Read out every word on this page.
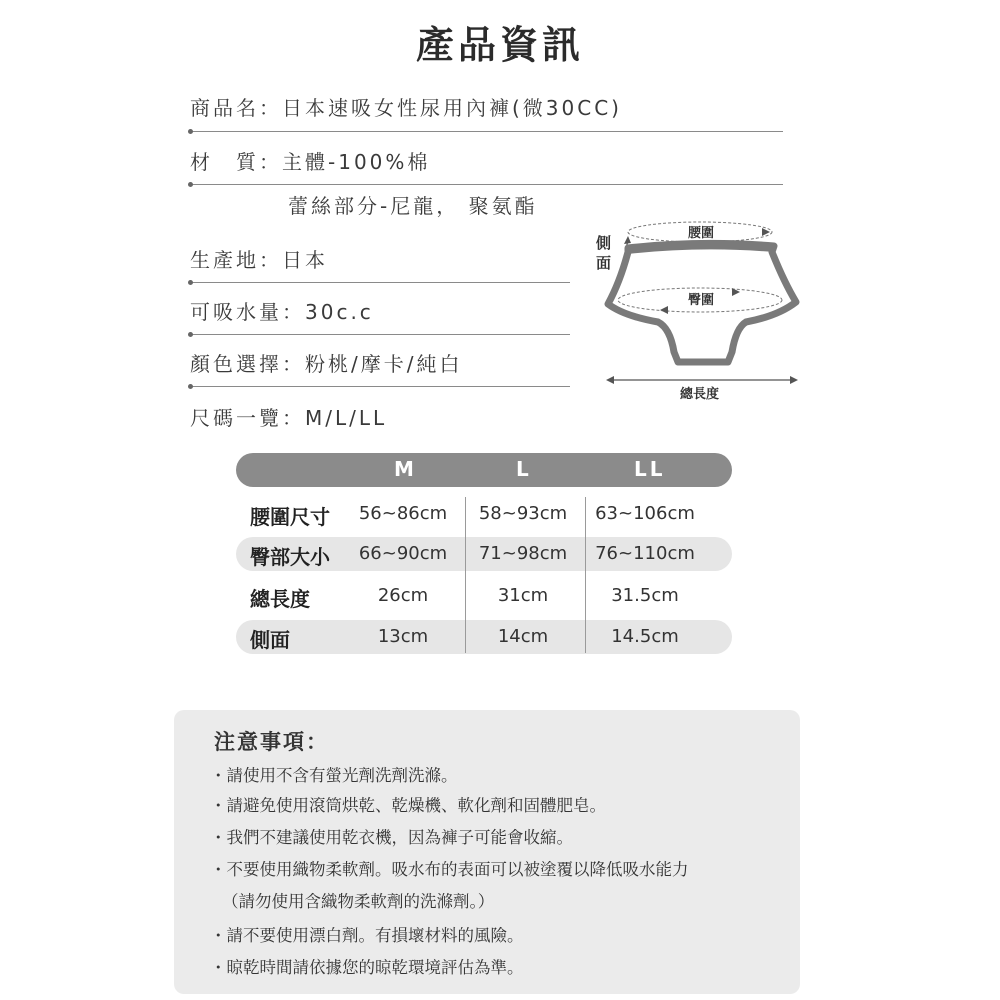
產品資訊
商品名：日本速吸女性尿用內褲(微30CC)
材　質：主體-100%棉
蕾絲部分-尼龍， 聚氨酯
生產地：日本
可吸水量：30c.c
顏色選擇：粉桃/摩卡/純白
尺碼一覽：M/L/LL
側
面
腰圍
臀圍
總長度
M	L	LL
腰圍尺寸	56~86cm	58~93cm	63~106cm
臀部大小	66~90cm	71~98cm	76~110cm
總長度	26cm	31cm	31.5cm
側面	13cm	14cm	14.5cm
注意事項：
・請使用不含有螢光劑洗劑洗滌。
・請避免使用滾筒烘乾、乾燥機、軟化劑和固體肥皂。
・我們不建議使用乾衣機，因為褲子可能會收縮。
・不要使用織物柔軟劑。吸水布的表面可以被塗覆以降低吸水能力
（請勿使用含織物柔軟劑的洗滌劑。）
・請不要使用漂白劑。有損壞材料的風險。
・晾乾時間請依據您的晾乾環境評估為準。
